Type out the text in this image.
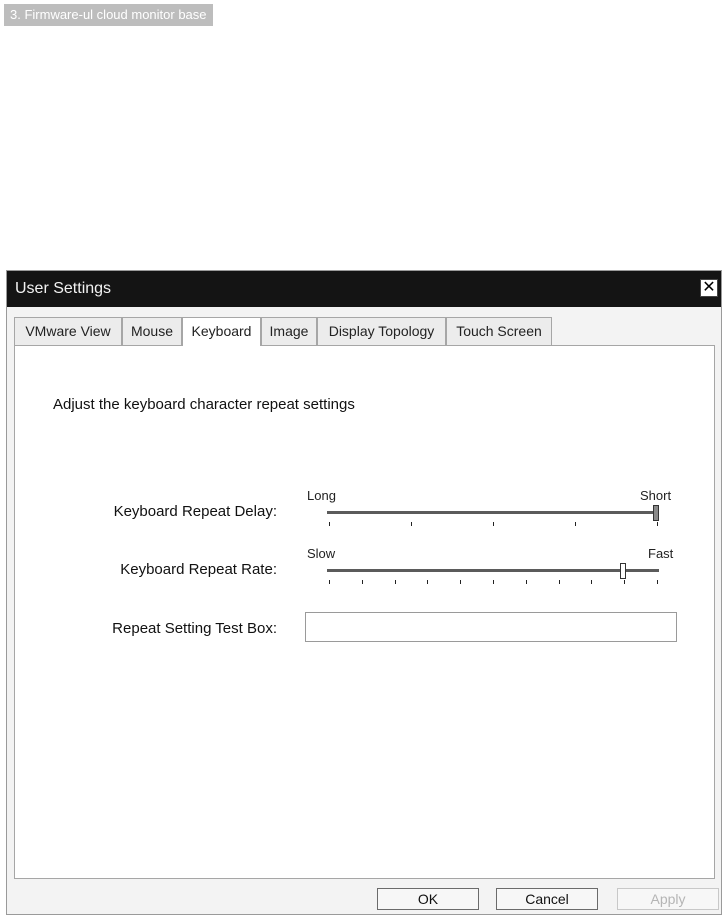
3. Firmware-ul cloud monitor base
User Settings	✕
VMware View	Mouse	Keyboard	Image	Display Topology	Touch Screen
Adjust the keyboard character repeat settings
Keyboard Repeat Delay:
Long	Short
Keyboard Repeat Rate:
Slow	Fast
Repeat Setting Test Box:
OK	Cancel	Apply
